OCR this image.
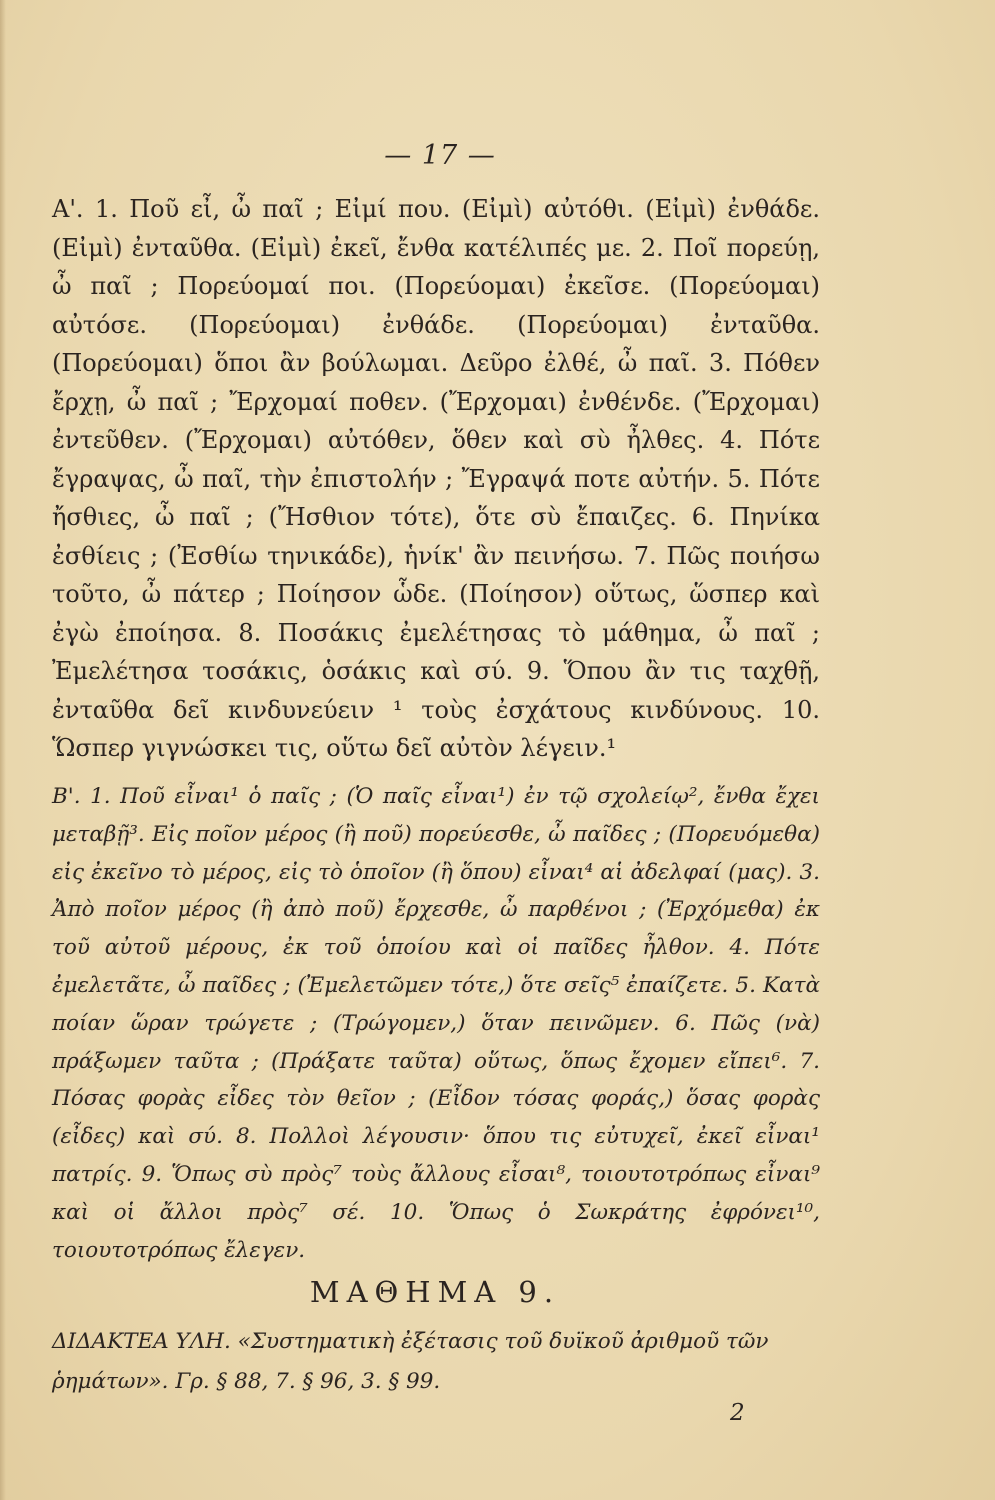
— 17 —

Α'. 1. Ποῦ εἶ, ὦ παῖ ; Εἰμί που. (Εἰμὶ) αὐτόθι. (Εἰμὶ) ἐνθάδε. (Εἰμὶ) ἐνταῦθα. (Εἰμὶ) ἐκεῖ, ἔνθα κατέλιπές με. 2. Ποῖ πορεύῃ, ὦ παῖ ; Πορεύομαί ποι. (Πορεύομαι) ἐκεῖσε. (Πορεύομαι) αὐτόσε. (Πορεύομαι) ἐνθάδε. (Πορεύομαι) ἐνταῦθα. (Πορεύομαι) ὅποι ἂν βούλωμαι. Δεῦρο ἐλθέ, ὦ παῖ. 3. Πόθεν ἔρχῃ, ὦ παῖ ; Ἔρχομαί ποθεν. (Ἔρχομαι) ἐνθένδε. (Ἔρχομαι) ἐντεῦθεν. (Ἔρχομαι) αὐτόθεν, ὅθεν καὶ σὺ ἦλθες. 4. Πότε ἔγραψας, ὦ παῖ, τὴν ἐπιστολήν ; Ἔγραψά ποτε αὐτήν. 5. Πότε ἤσθιες, ὦ παῖ ; (Ἤσθιον τότε), ὅτε σὺ ἔπαιζες. 6. Πηνίκα ἐσθίεις ; (Ἐσθίω τηνικάδε), ἡνίκ' ἂν πεινήσω. 7. Πῶς ποιήσω τοῦτο, ὦ πάτερ ; Ποίησον ὧδε. (Ποίησον) οὕτως, ὥσπερ καὶ ἐγὼ ἐποίησα. 8. Ποσάκις ἐμελέτησας τὸ μάθημα, ὦ παῖ ; Ἐμελέτησα τοσάκις, ὁσάκις καὶ σύ. 9. Ὅπου ἂν τις ταχθῇ, ἐνταῦθα δεῖ κινδυνεύειν ¹ τοὺς ἐσχάτους κινδύνους. 10. Ὥσπερ γιγνώσκει τις, οὕτω δεῖ αὐτὸν λέγειν.¹

Β'. 1. Ποῦ εἶναι¹ ὁ παῖς ; (Ὁ παῖς εἶναι¹) ἐν τῷ σχολείῳ², ἔνθα ἔχει μεταβῇ³. Εἰς ποῖον μέρος (ἢ ποῦ) πορεύεσθε, ὦ παῖδες ; (Πορευόμεθα) εἰς ἐκεῖνο τὸ μέρος, εἰς τὸ ὁποῖον (ἢ ὅπου) εἶναι⁴ αἱ ἀδελφαί (μας). 3. Ἀπὸ ποῖον μέρος (ἢ ἀπὸ ποῦ) ἔρχεσθε, ὦ παρθένοι ; (Ἐρχόμεθα) ἐκ τοῦ αὐτοῦ μέρους, ἐκ τοῦ ὁποίου καὶ οἱ παῖδες ἦλθον. 4. Πότε ἐμελετᾶτε, ὦ παῖδες ; (Ἐμελετῶμεν τότε,) ὅτε σεῖς⁵ ἐπαίζετε. 5. Κατὰ ποίαν ὥραν τρώγετε ; (Τρώγομεν,) ὅταν πεινῶμεν. 6. Πῶς (νὰ) πράξωμεν ταῦτα ; (Πράξατε ταῦτα) οὕτως, ὅπως ἔχομεν εἴπει⁶. 7. Πόσας φορὰς εἶδες τὸν θεῖον ; (Εἶδον τόσας φοράς,) ὅσας φορὰς (εἶδες) καὶ σύ. 8. Πολλοὶ λέγουσιν· ὅπου τις εὐτυχεῖ, ἐκεῖ εἶναι¹ πατρίς. 9. Ὅπως σὺ πρὸς⁷ τοὺς ἄλλους εἶσαι⁸, τοιουτοτρόπως εἶναι⁹ καὶ οἱ ἄλλοι πρὸς⁷ σέ. 10. Ὅπως ὁ Σωκράτης ἐφρόνει¹⁰, τοιουτοτρόπως ἔλεγεν.

ΜΑΘΗΜΑ 9.

ΔΙΔΑΚΤΕΑ ΥΛΗ. «Συστηματικὴ ἐξέτασις τοῦ δυϊκοῦ ἀριθμοῦ τῶν ῥημάτων». Γρ. § 88, 7. § 96, 3. § 99.

2
